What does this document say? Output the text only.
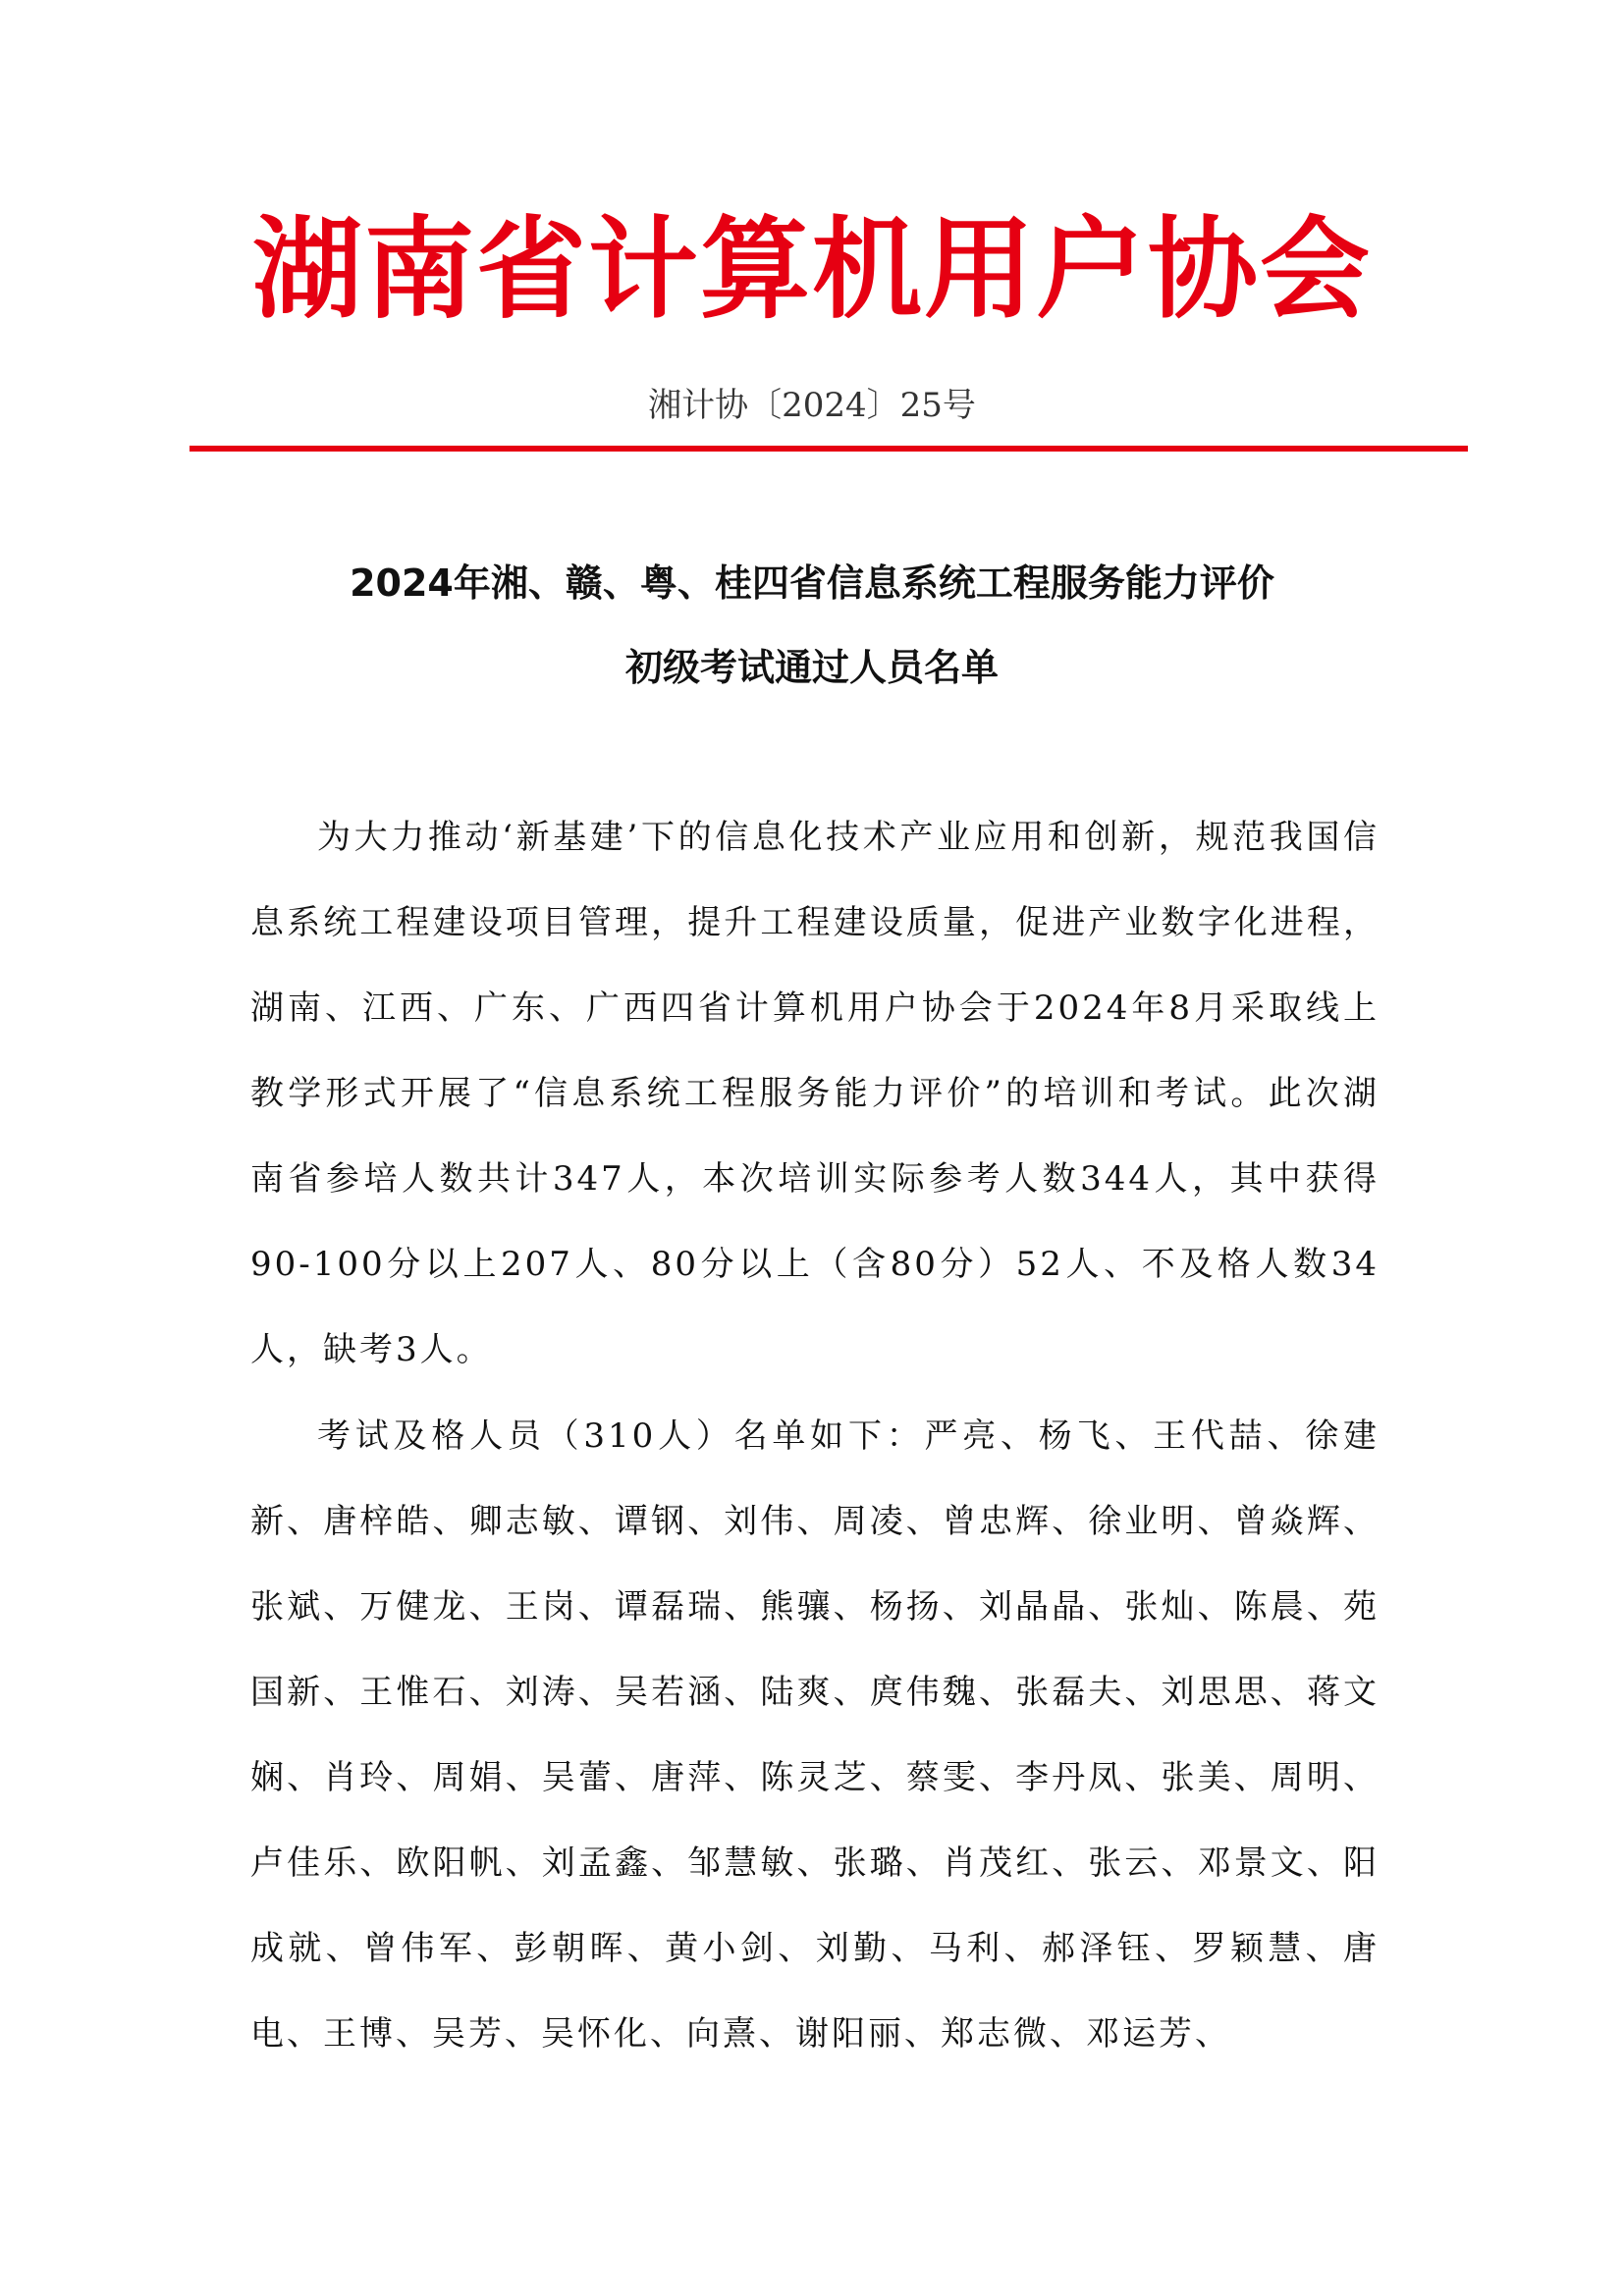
湖南省计算机用户协会
湘计协〔2024〕25号
2024年湘、赣、粤、桂四省信息系统工程服务能力评价
初级考试通过人员名单
为大力推动‘新基建’下的信息化技术产业应用和创新，规范我国信息系统工程建设项目管理，提升工程建设质量，促进产业数字化进程，湖南、江西、广东、广西四省计算机用户协会于2024年8月采取线上教学形式开展了“信息系统工程服务能力评价”的培训和考试。此次湖南省参培人数共计347人，本次培训实际参考人数344人，其中获得90-100分以上207人、80分以上（含80分）52人、不及格人数34人，缺考3人。
考试及格人员（310人）名单如下：严亮、杨飞、王代喆、徐建新、唐梓皓、卿志敏、谭钢、刘伟、周凌、曾忠辉、徐业明、曾焱辉、张斌、万健龙、王岗、谭磊瑞、熊骧、杨扬、刘晶晶、张灿、陈晨、苑国新、王惟石、刘涛、吴若涵、陆爽、庹伟魏、张磊夫、刘思思、蒋文娴、肖玲、周娟、吴蕾、唐萍、陈灵芝、蔡雯、李丹凤、张美、周明、卢佳乐、欧阳帆、刘孟鑫、邹慧敏、张璐、肖茂红、张云、邓景文、阳成就、曾伟军、彭朝晖、黄小剑、刘勤、马利、郝泽钰、罗颖慧、唐电、王博、吴芳、吴怀化、向熹、谢阳丽、郑志微、邓运芳、
